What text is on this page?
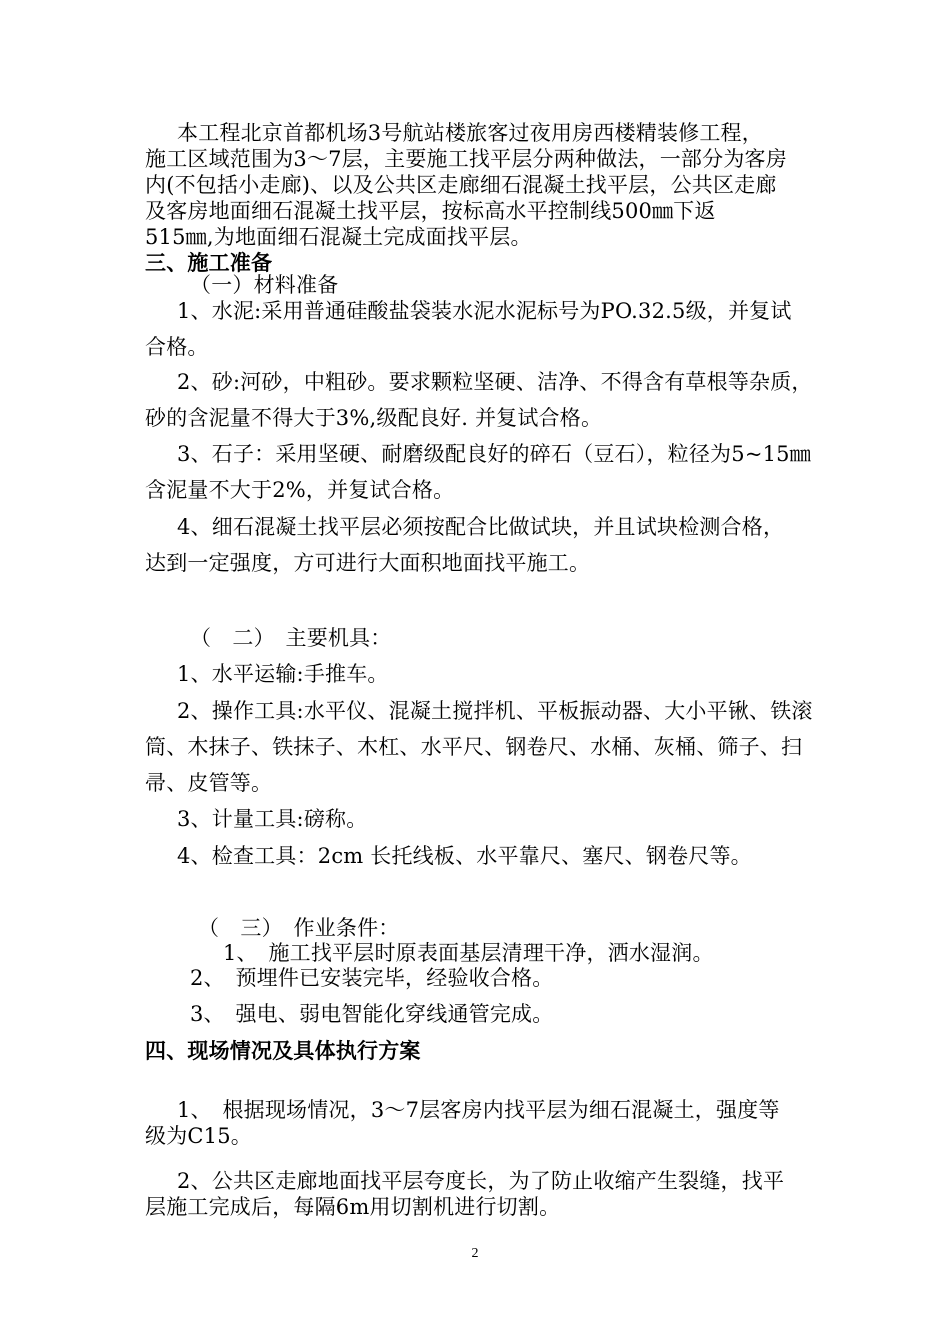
本工程北京首都机场3号航站楼旅客过夜用房西楼精装修工程，
施工区域范围为3～7层，主要施工找平层分两种做法，一部分为客房
内(不包括小走廊)、以及公共区走廊细石混凝土找平层，公共区走廊
及客房地面细石混凝土找平层，按标高水平控制线500㎜下返
515㎜,为地面细石混凝土完成面找平层。
三、施工准备
（一）材料准备
1、水泥:采用普通硅酸盐袋装水泥水泥标号为PO.32.5级，并复试
合格。
2、砂:河砂，中粗砂。要求颗粒坚硬、洁净、不得含有草根等杂质，
砂的含泥量不得大于3%,级配良好. 并复试合格。
3、石子：采用坚硬、耐磨级配良好的碎石（豆石），粒径为5~15㎜
含泥量不大于2%，并复试合格。
4、细石混凝土找平层必须按配合比做试块，并且试块检测合格，
达到一定强度，方可进行大面积地面找平施工。
（　二）　主要机具：
1、水平运输:手推车。
2、操作工具:水平仪、混凝土搅拌机、平板振动器、大小平锹、铁滚
筒、木抹子、铁抹子、木杠、水平尺、钢卷尺、水桶、灰桶、筛子、扫
帚、皮管等。
3、计量工具:磅称。
4、检查工具：2cm 长托线板、水平靠尺、塞尺、钢卷尺等。
（　三）　作业条件：
1、　施工找平层时原表面基层清理干净，洒水湿润。
2、　预埋件已安装完毕，经验收合格。
3、　强电、弱电智能化穿线通管完成。
四、现场情况及具体执行方案
1、　根据现场情况，3～7层客房内找平层为细石混凝土，强度等
级为C15。
2、公共区走廊地面找平层夸度长，为了防止收缩产生裂缝，找平
层施工完成后，每隔6m用切割机进行切割。
2
